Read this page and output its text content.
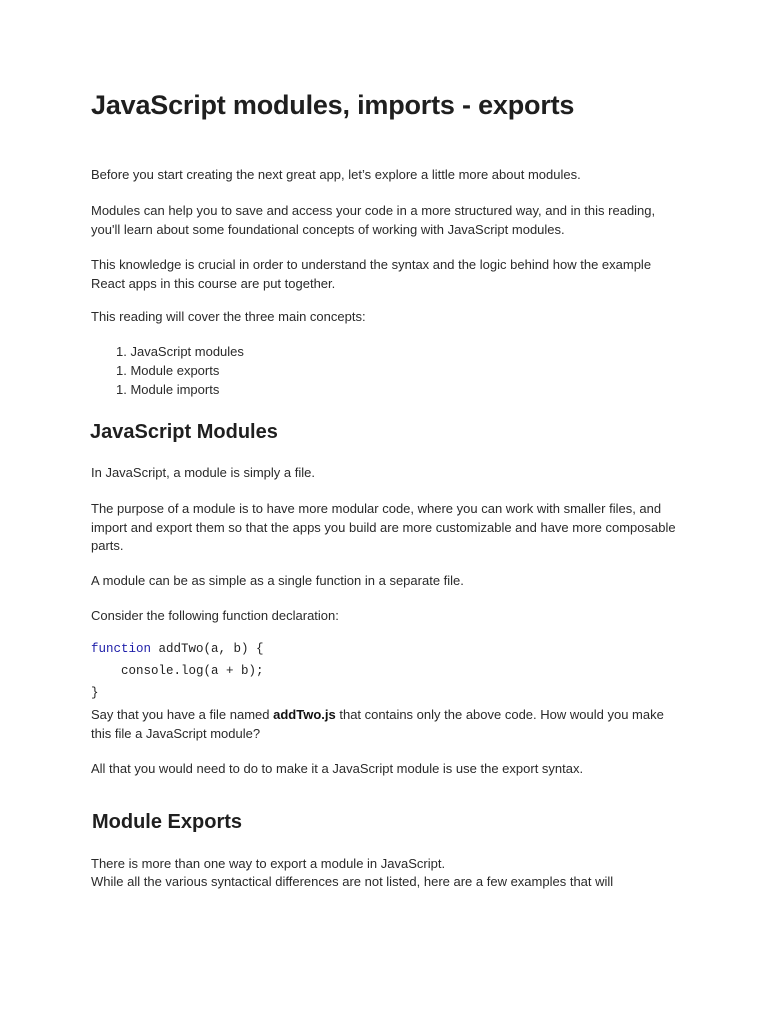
JavaScript modules, imports - exports

Before you start creating the next great app, let’s explore a little more about modules.

Modules can help you to save and access your code in a more structured way, and in this reading, you'll learn about some foundational concepts of working with JavaScript modules.

This knowledge is crucial in order to understand the syntax and the logic behind how the example React apps in this course are put together.

This reading will cover the three main concepts:

1. JavaScript modules
1. Module exports
1. Module imports
JavaScript Modules

In JavaScript, a module is simply a file.

The purpose of a module is to have more modular code, where you can work with smaller files, and import and export them so that the apps you build are more customizable and have more composable parts.

A module can be as simple as a single function in a separate file.

Consider the following function declaration:

function addTwo(a, b) {
console.log(a + b);
}

Say that you have a file named addTwo.js that contains only the above code. How would you make this file a JavaScript module?

All that you would need to do to make it a JavaScript module is use the export syntax.

Module Exports

There is more than one way to export a module in JavaScript.

While all the various syntactical differences are not listed, here are a few examples that will
